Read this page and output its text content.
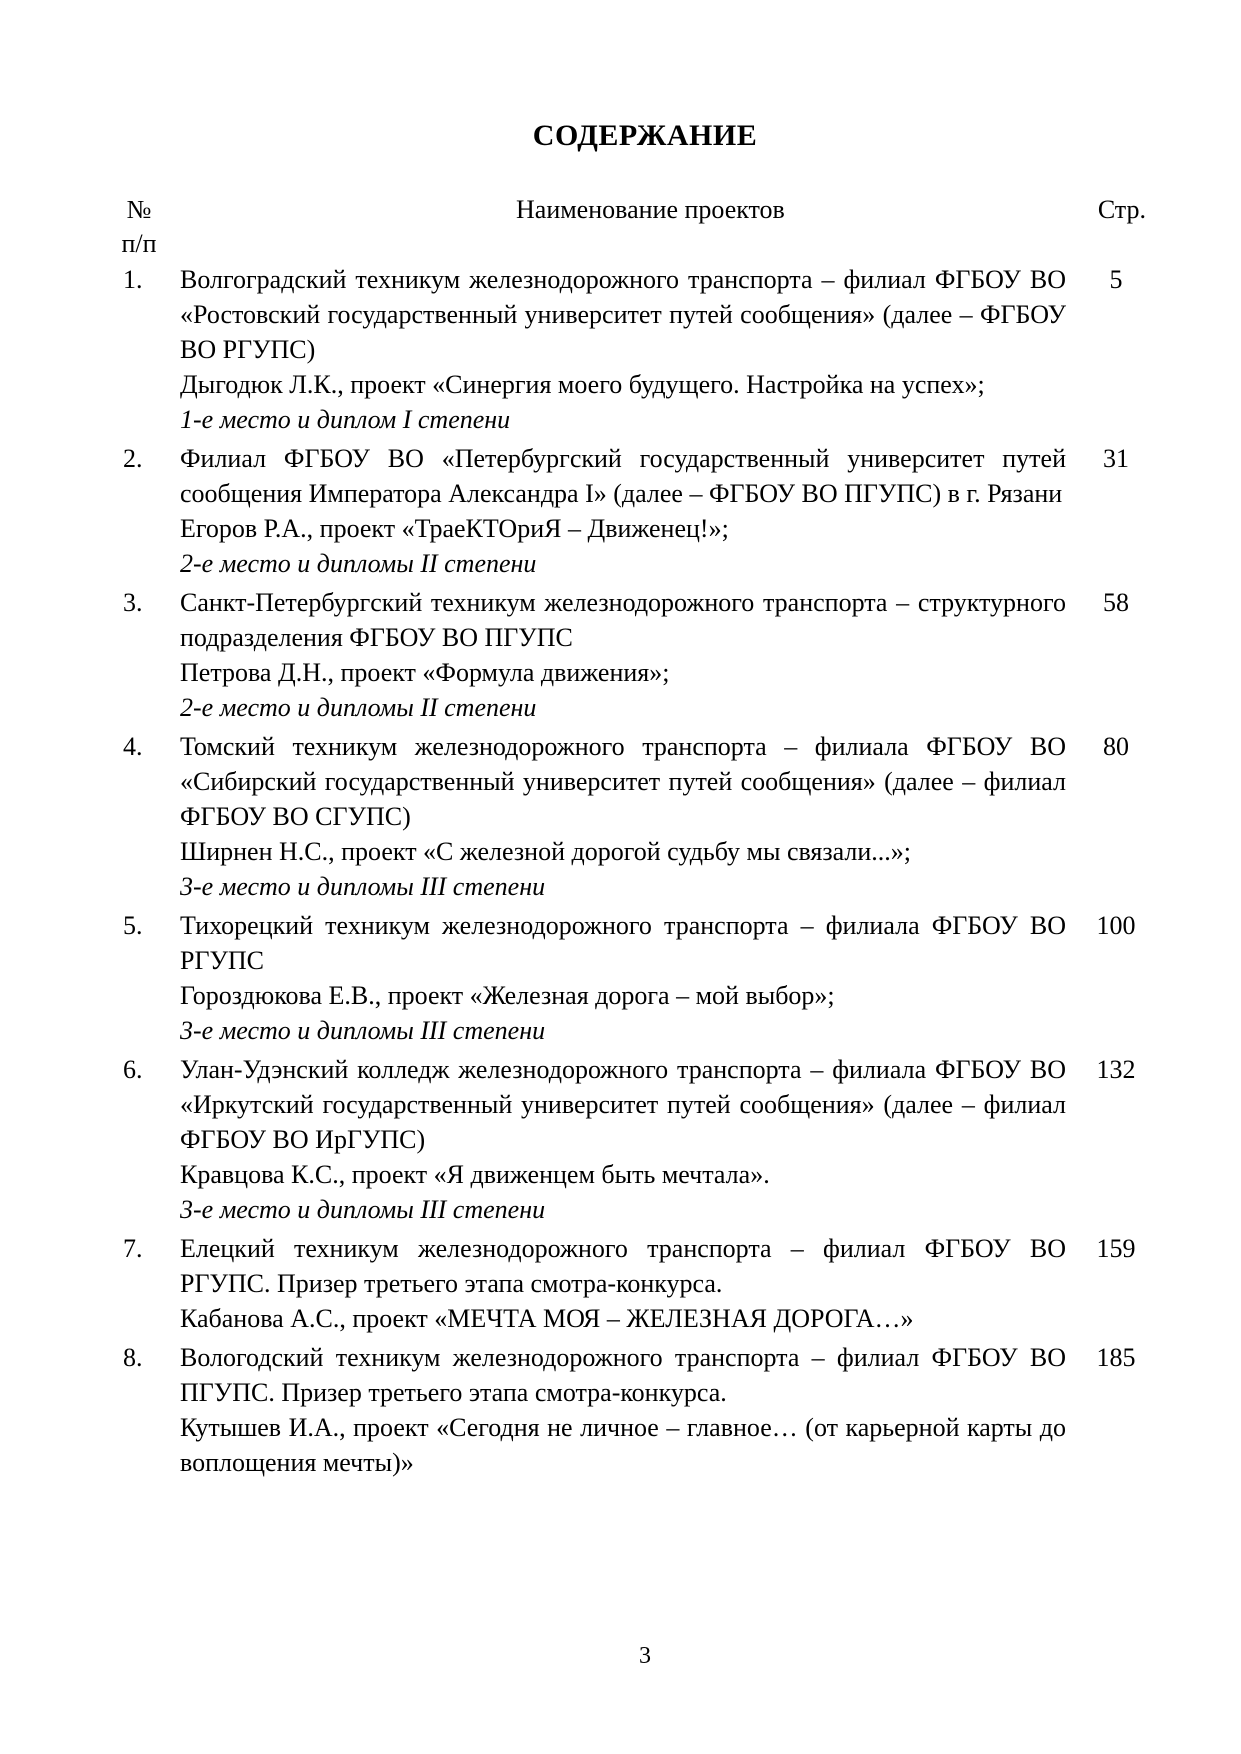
СОДЕРЖАНИЕ
№ п/п
Наименование проектов	Стр.
1. Волгоградский техникум железнодорожного транспорта – филиал ФГБОУ ВО «Ростовский государственный университет путей сообщения» (далее – ФГБОУ ВО РГУПС)

Дыгодюк Л.К., проект «Синергия моего будущего. Настройка на успех»;

1-е место и диплом I степени

5
2. Филиал ФГБОУ ВО «Петербургский государственный университет путей сообщения Императора Александра I» (далее – ФГБОУ ВО ПГУПС) в г. Рязани

Егоров Р.А., проект «ТраеКТОриЯ – Движенец!»;

2-е место и дипломы II степени

31
3. Санкт-Петербургский техникум железнодорожного транспорта – структурного подразделения ФГБОУ ВО ПГУПС

Петрова Д.Н., проект «Формула движения»;

2-е место и дипломы II степени

58
4. Томский техникум железнодорожного транспорта – филиала ФГБОУ ВО «Сибирский государственный университет путей сообщения» (далее – филиал ФГБОУ ВО СГУПС)

Ширнен Н.С., проект «С железной дорогой судьбу мы связали...»;

3-е место и дипломы III степени

80
5. Тихорецкий техникум железнодорожного транспорта – филиала ФГБОУ ВО РГУПС

Гороздюкова Е.В., проект «Железная дорога – мой выбор»;

3-е место и дипломы III степени

100
6. Улан-Удэнский колледж железнодорожного транспорта – филиала ФГБОУ ВО «Иркутский государственный университет путей сообщения» (далее – филиал ФГБОУ ВО ИрГУПС)

Кравцова К.С., проект «Я движенцем быть мечтала».

3-е место и дипломы III степени

132
7. Елецкий техникум железнодорожного транспорта – филиал ФГБОУ ВО РГУПС. Призер третьего этапа смотра-конкурса.

Кабанова А.С., проект «МЕЧТА МОЯ – ЖЕЛЕЗНАЯ ДОРОГА…»

159
8. Вологодский техникум железнодорожного транспорта – филиал ФГБОУ ВО ПГУПС. Призер третьего этапа смотра-конкурса.

Кутышев И.А., проект «Сегодня не личное – главное… (от карьерной карты до воплощения мечты)»

185
3
